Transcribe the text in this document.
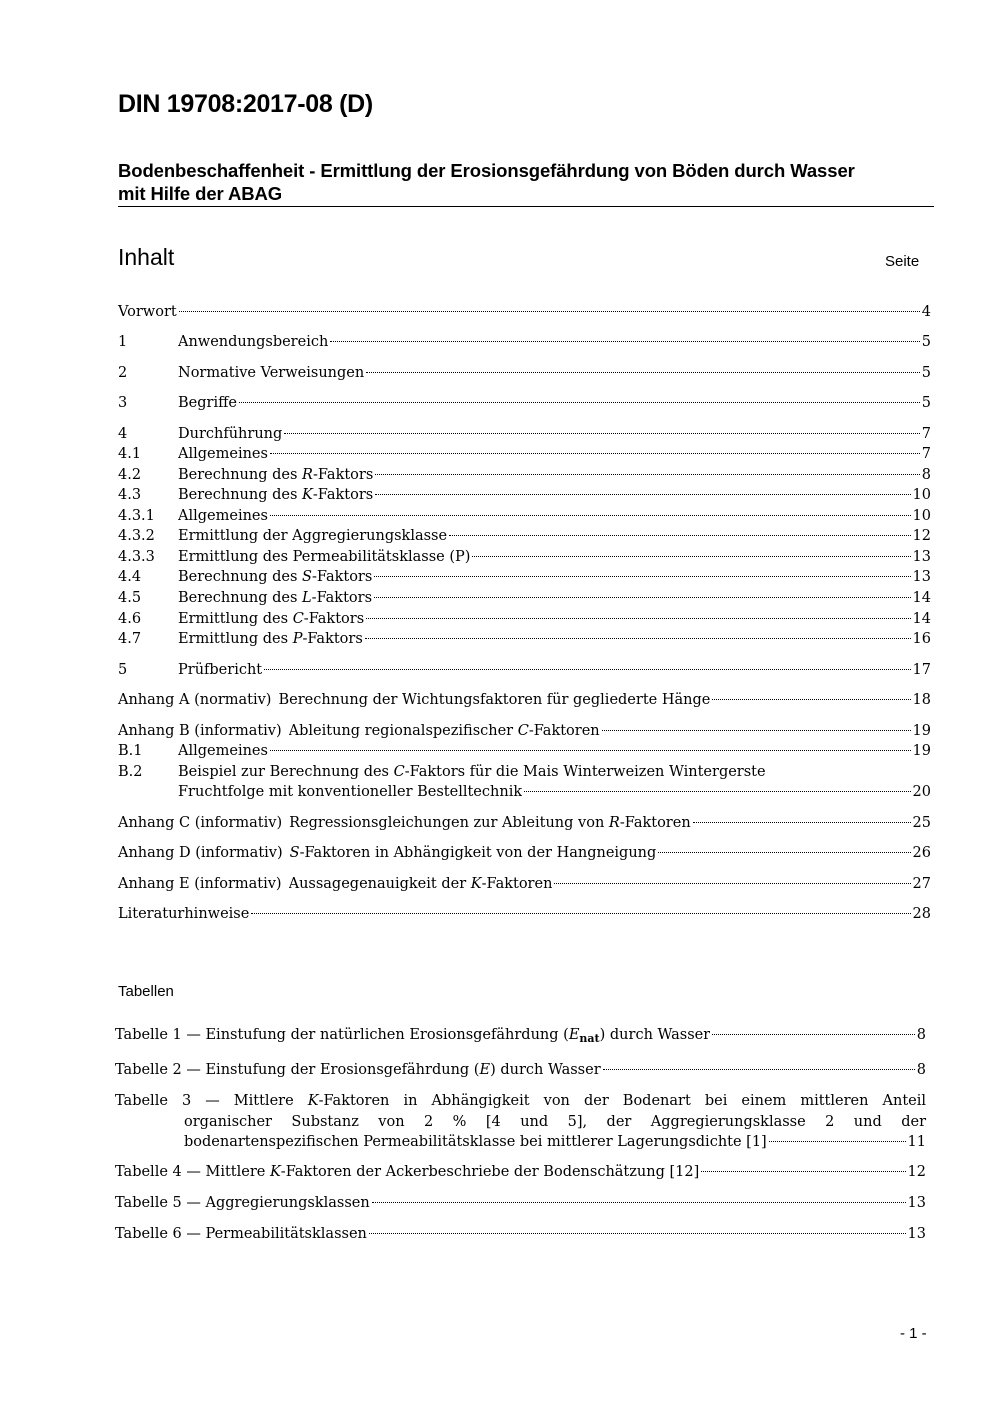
DIN 19708:2017-08 (D)
Bodenbeschaffenheit - Ermittlung der Erosionsgefährdung von Böden durch Wasser
mit Hilfe der ABAG
Inhalt	Seite
Vorwort	4
1	Anwendungsbereich	5
2	Normative Verweisungen	5
3	Begriffe	5
4	Durchführung	7
4.1	Allgemeines	7
4.2	Berechnung des R-Faktors	8
4.3	Berechnung des K-Faktors	10
4.3.1	Allgemeines	10
4.3.2	Ermittlung der Aggregierungsklasse	12
4.3.3	Ermittlung des Permeabilitätsklasse (P)	13
4.4	Berechnung des S-Faktors	13
4.5	Berechnung des L-Faktors	14
4.6	Ermittlung des C-Faktors	14
4.7	Ermittlung des P-Faktors	16
5	Prüfbericht	17
Anhang A (normativ) Berechnung der Wichtungsfaktoren für gegliederte Hänge	18
Anhang B (informativ) Ableitung regionalspezifischer C-Faktoren	19
B.1	Allgemeines	19
B.2	Beispiel zur Berechnung des C-Faktors für die Mais Winterweizen Wintergerste
Fruchtfolge mit konventioneller Bestelltechnik	20
Anhang C (informativ) Regressionsgleichungen zur Ableitung von R-Faktoren	25
Anhang D (informativ) S-Faktoren in Abhängigkeit von der Hangneigung	26
Anhang E (informativ) Aussagegenauigkeit der K-Faktoren	27
Literaturhinweise	28
Tabellen
Tabelle 1 — Einstufung der natürlichen Erosionsgefährdung $(E_{nat})$ durch Wasser	8
Tabelle 2 — Einstufung der Erosionsgefährdung (E) durch Wasser	8
Tabelle 3 — Mittlere K-Faktoren in Abhängigkeit von der Bodenart bei einem mittleren Anteil
organischer Substanz von 2 % [4 und 5], der Aggregierungsklasse 2 und der
bodenartenspezifischen Permeabilitätsklasse bei mittlerer Lagerungsdichte [1]	11
Tabelle 4 — Mittlere K-Faktoren der Ackerbeschriebe der Bodenschätzung [12]	12
Tabelle 5 — Aggregierungsklassen	13
Tabelle 6 — Permeabilitätsklassen	13
- 1 -
